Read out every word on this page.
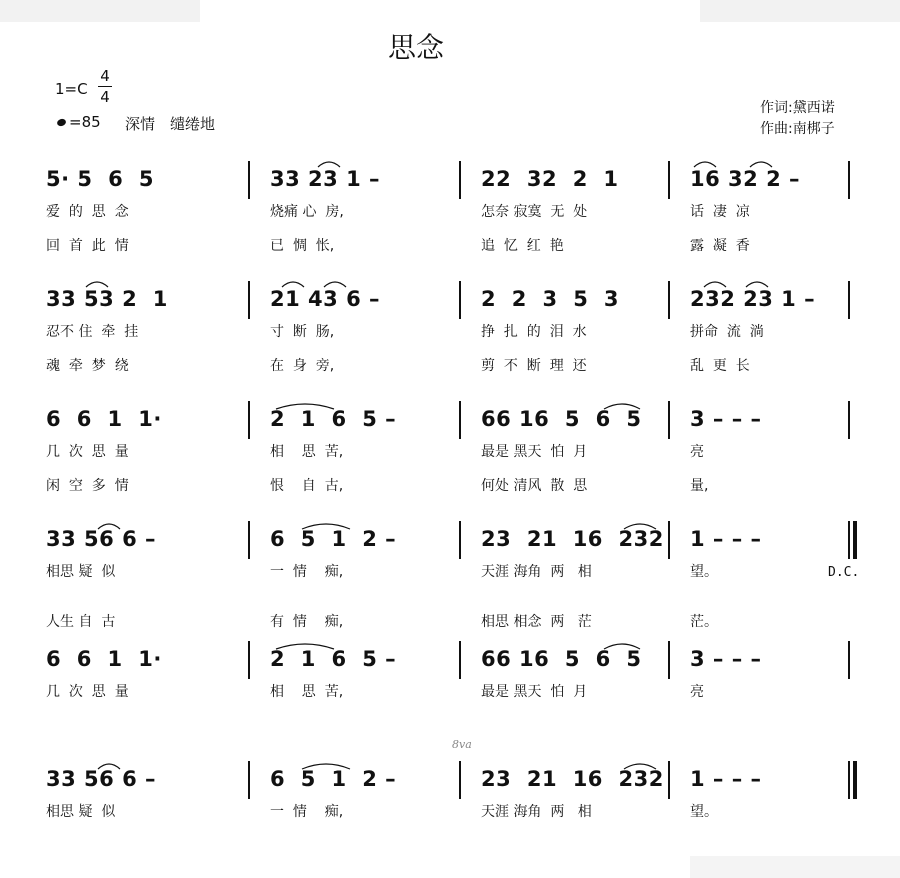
思念
$1=C \frac{4}{4}$
=85 深情　缱绻地
作词:黛西诺
作曲:南梆子
5· 5  6  5	33 23 1 –	22  32  2  1	16 32 2 –
爱  的  思  念	烧痛 心  房,	怎奈 寂寞  无  处	话  凄  凉
回  首  此  情	已  惆  怅,	追  忆  红  艳	露  凝  香
33 53 2  1	21 43 6 –	2  2  3  5  3	232 23 1 –
忍不 住  牵  挂	寸  断  肠,	挣  扎  的  泪  水	拼命  流  淌
魂  牵  梦  绕	在  身  旁,	剪  不  断  理  还	乱  更  长
6  6  1  1·	2  1  6  5 –	66 16  5  6  5 3 – – –
几  次  思  量	相    思  苦,	最是 黑天  怕  月	亮
闲  空  多  情	恨    自  古,	何处 清风  散  思	量,
33 56 6 –	6  5  1  2 –	23  21  16  232 1 – – –
相思 疑  似	一  情    痴,	天涯 海角  两   相	望。
人生 自  古	有  情    痴,	相思 相念  两   茫	茫。
6  6  1  1·	2  1  6  5 –	66 16  5  6  5 3 – – –
几  次  思  量	相    思  苦,	最是 黑天  怕  月	亮
33 56 6 –	6  5  1  2 –	23  21  16  232 1 – – –
相思 疑  似	一  情    痴,	天涯 海角  两   相	望。
D.C.
8va
